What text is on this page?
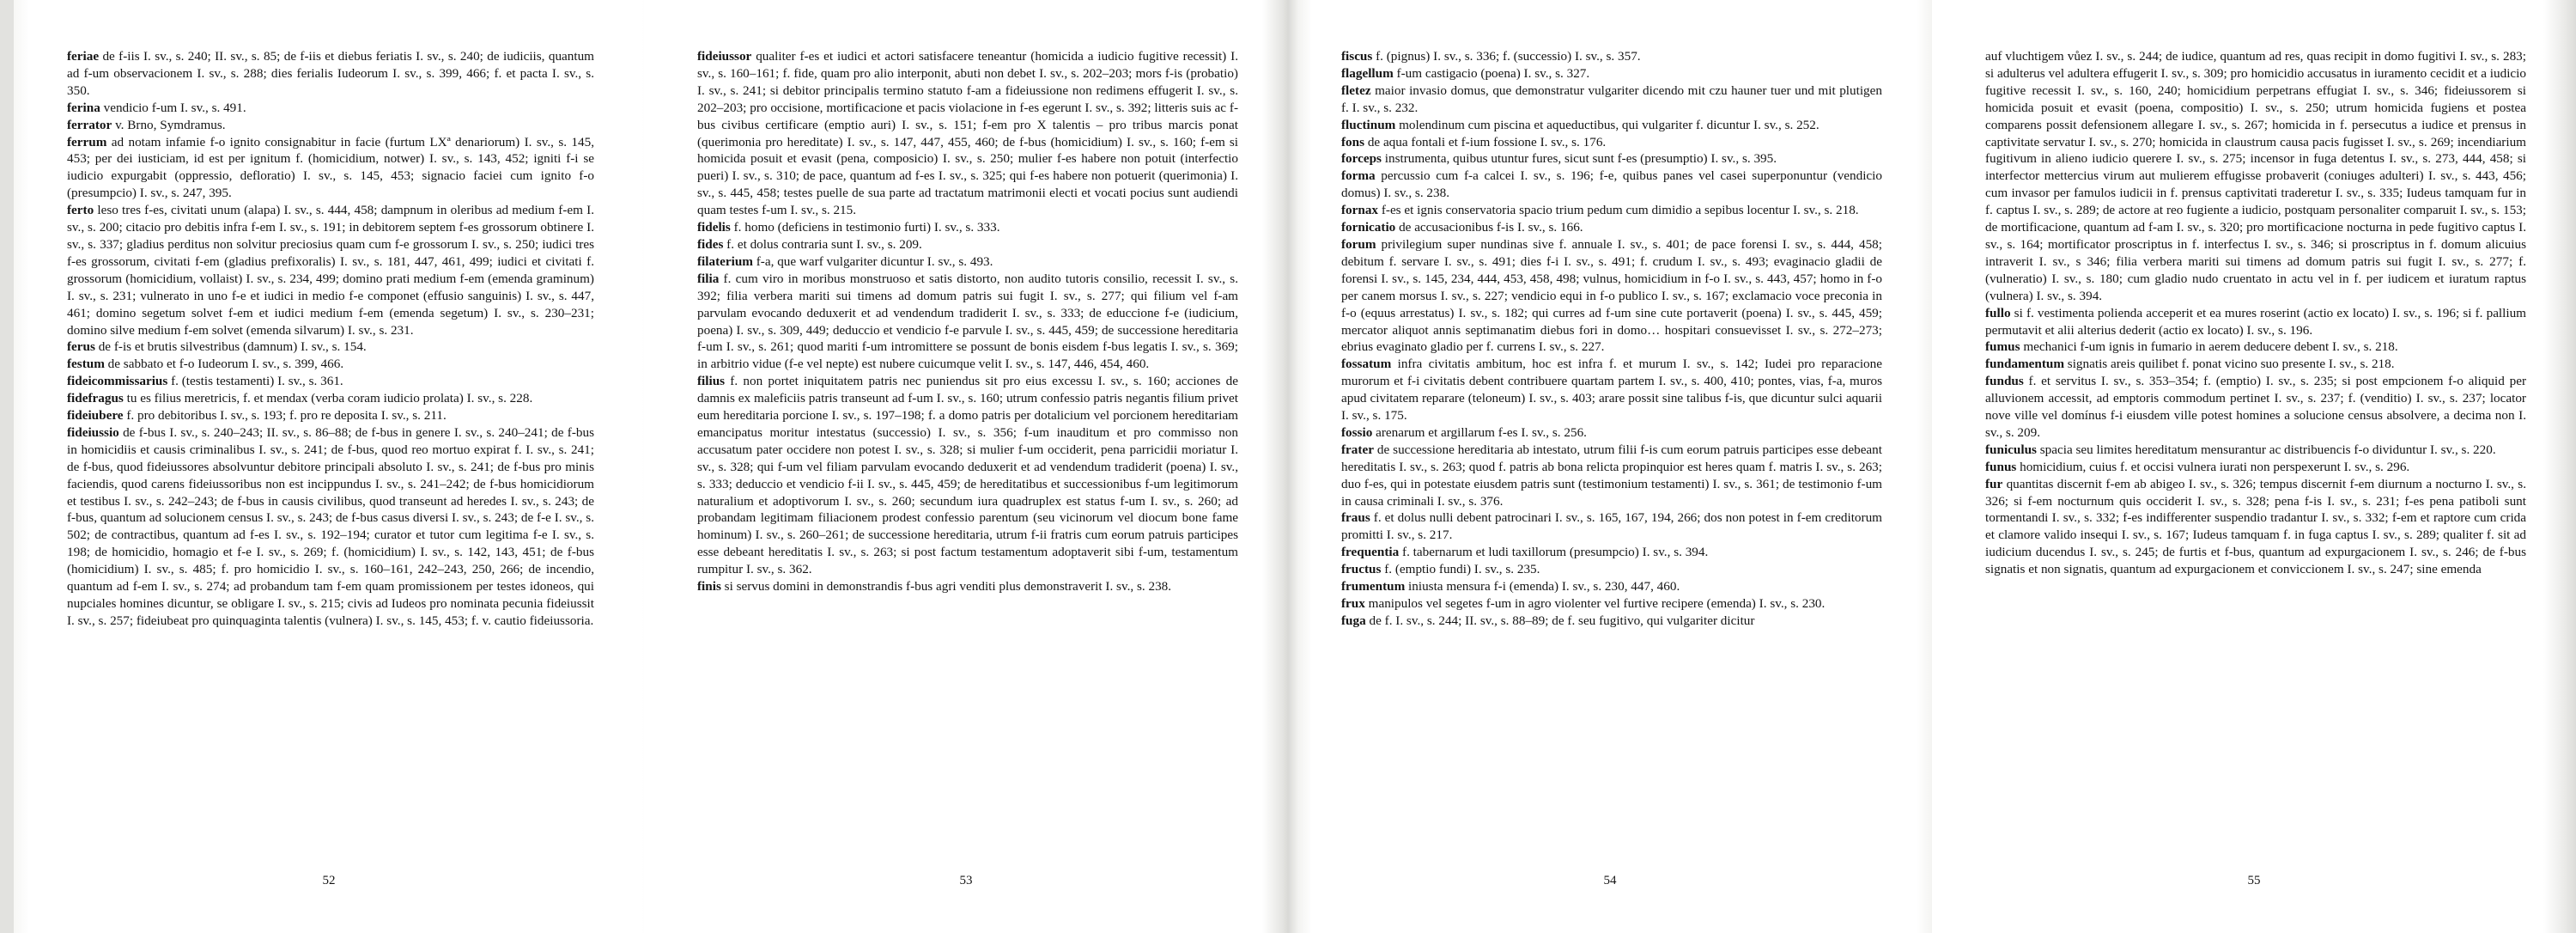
feriae de f-iis I. sv., s. 240; II. sv., s. 85; de f-iis et diebus feriatis I. sv., s. 240; de iudiciis, quantum ad f-um observacionem I. sv., s. 288; dies ferialis Iudeorum I. sv., s. 399, 466; f. et pacta I. sv., s. 350.

ferina vendicio f-um I. sv., s. 491.

ferrator v. Brno, Symdramus.

ferrum ad notam infamie f-o ignito consignabitur in facie (furtum LXª denariorum) I. sv., s. 145, 453; per dei iusticiam, id est per ignitum f. (homicidium, notwer) I. sv., s. 143, 452; igniti f-i se iudicio expurgabit (oppressio, defloratio) I. sv., s. 145, 453; signacio faciei cum ignito f-o (presumpcio) I. sv., s. 247, 395.

ferto leso tres f-es, civitati unum (alapa) I. sv., s. 444, 458; dampnum in oleribus ad medium f-em I. sv., s. 200; citacio pro debitis infra f-em I. sv., s. 191; in debitorem septem f-es grossorum obtinere I. sv., s. 337; gladius perditus non solvitur preciosius quam cum f-e grossorum I. sv., s. 250; iudici tres f-es grossorum, civitati f-em (gladius prefixoralis) I. sv., s. 181, 447, 461, 499; iudici et civitati f. grossorum (homicidium, vollaist) I. sv., s. 234, 499; domino prati medium f-em (emenda graminum) I. sv., s. 231; vulnerato in uno f-e et iudici in medio f-e componet (effusio sanguinis) I. sv., s. 447, 461; domino segetum solvet f-em et iudici medium f-em (emenda segetum) I. sv., s. 230–231; domino silve medium f-em solvet (emenda silvarum) I. sv., s. 231.

ferus de f-is et brutis silvestribus (damnum) I. sv., s. 154.

festum de sabbato et f-o Iudeorum I. sv., s. 399, 466.

fideicommissarius f. (testis testamenti) I. sv., s. 361.

fidefragus tu es filius meretricis, f. et mendax (verba coram iudicio prolata) I. sv., s. 228.

fideiubere f. pro debitoribus I. sv., s. 193; f. pro re deposita I. sv., s. 211.

fideiussio de f-bus I. sv., s. 240–243; II. sv., s. 86–88; de f-bus in genere I. sv., s. 240–241; de f-bus in homicidiis et causis criminalibus I. sv., s. 241; de f-bus, quod reo mortuo expirat f. I. sv., s. 241; de f-bus, quod fideiussores absolvuntur debitore principali absoluto I. sv., s. 241; de f-bus pro minis faciendis, quod carens fideiussoribus non est incippundus I. sv., s. 241–242; de f-bus homicidiorum et testibus I. sv., s. 242–243; de f-bus in causis civilibus, quod transeunt ad heredes I. sv., s. 243; de f-bus, quantum ad solucionem census I. sv., s. 243; de f-bus casus diversi I. sv., s. 243; de f-e I. sv., s. 502; de contractibus, quantum ad f-es I. sv., s. 192–194; curator et tutor cum legitima f-e I. sv., s. 198; de homicidio, homagio et f-e I. sv., s. 269; f. (homicidium) I. sv., s. 142, 143, 451; de f-bus (homicidium) I. sv., s. 485; f. pro homicidio I. sv., s. 160–161, 242–243, 250, 266; de incendio, quantum ad f-em I. sv., s. 274; ad probandum tam f-em quam promissionem per testes idoneos, qui nupciales homines dicuntur, se obligare I. sv., s. 215; civis ad Iudeos pro nominata pecunia fideiussit I. sv., s. 257; fideiubeat pro quinquaginta talentis (vulnera) I. sv., s. 145, 453; f. v. cautio fideiussoria.

52

fideiussor qualiter f-es et iudici et actori satisfacere teneantur (homicida a iudicio fugitive recessit) I. sv., s. 160–161; f. fide, quam pro alio interponit, abuti non debet I. sv., s. 202–203; mors f-is (probatio) I. sv., s. 241; si debitor principalis termino statuto f-am a fideiussione non redimens effugerit I. sv., s. 202–203; pro occisione, mortificacione et pacis violacione in f-es egerunt I. sv., s. 392; litteris suis ac f-bus civibus certificare (emptio auri) I. sv., s. 151; f-em pro X talentis – pro tribus marcis ponat (querimonia pro hereditate) I. sv., s. 147, 447, 455, 460; de f-bus (homicidium) I. sv., s. 160; f-em si homicida posuit et evasit (pena, composicio) I. sv., s. 250; mulier f-es habere non potuit (interfectio pueri) I. sv., s. 310; de pace, quantum ad f-es I. sv., s. 325; qui f-es habere non potuerit (querimonia) I. sv., s. 445, 458; testes puelle de sua parte ad tractatum matrimonii electi et vocati pocius sunt audiendi quam testes f-um I. sv., s. 215.

fidelis f. homo (deficiens in testimonio furti) I. sv., s. 333.

fides f. et dolus contraria sunt I. sv., s. 209.

filaterium f-a, que warf vulgariter dicuntur I. sv., s. 493.

filia f. cum viro in moribus monstruoso et satis distorto, non audito tutoris consilio, recessit I. sv., s. 392; filia verbera mariti sui timens ad domum patris sui fugit I. sv., s. 277; qui filium vel f-am parvulam evocando deduxerit et ad vendendum tradiderit I. sv., s. 333; de educcione f-e (iudicium, poena) I. sv., s. 309, 449; deduccio et vendicio f-e parvule I. sv., s. 445, 459; de successione hereditaria f-um I. sv., s. 261; quod mariti f-um intromittere se possunt de bonis eisdem f-bus legatis I. sv., s. 369; in arbitrio vidue (f-e vel nepte) est nubere cuicumque velit I. sv., s. 147, 446, 454, 460.

filius f. non portet iniquitatem patris nec puniendus sit pro eius excessu I. sv., s. 160; acciones de damnis ex maleficiis patris transeunt ad f-um I. sv., s. 160; utrum confessio patris negantis filium privet eum hereditaria porcione I. sv., s. 197–198; f. a domo patris per dotalicium vel porcionem hereditariam emancipatus moritur intestatus (successio) I. sv., s. 356; f-um inauditum et pro commisso non accusatum pater occidere non potest I. sv., s. 328; si mulier f-um occiderit, pena parricidii moriatur I. sv., s. 328; qui f-um vel filiam parvulam evocando deduxerit et ad vendendum tradiderit (poena) I. sv., s. 333; deduccio et vendicio f-ii I. sv., s. 445, 459; de hereditatibus et successionibus f-um legitimorum naturalium et adoptivorum I. sv., s. 260; secundum iura quadruplex est status f-um I. sv., s. 260; ad probandam legitimam filiacionem prodest confessio parentum (seu vicinorum vel diocum bone fame hominum) I. sv., s. 260–261; de successione hereditaria, utrum f-ii fratris cum eorum patruis participes esse debeant hereditatis I. sv., s. 263; si post factum testamentum adoptaverit sibi f-um, testamentum rumpitur I. sv., s. 362.

finis si servus domini in demonstrandis f-bus agri venditi plus demonstraverit I. sv., s. 238.

53

fiscus f. (pignus) I. sv., s. 336; f. (successio) I. sv., s. 357.

flagellum f-um castigacio (poena) I. sv., s. 327.

fletez maior invasio domus, que demonstratur vulgariter dicendo mit czu hauner tuer und mit plutigen f. I. sv., s. 232.

fluctinum molendinum cum piscina et aqueductibus, qui vulgariter f. dicuntur I. sv., s. 252.

fons de aqua fontali et f-ium fossione I. sv., s. 176.

forceps instrumenta, quibus utuntur fures, sicut sunt f-es (presumptio) I. sv., s. 395.

forma percussio cum f-a calcei I. sv., s. 196; f-e, quibus panes vel casei superponuntur (vendicio domus) I. sv., s. 238.

fornax f-es et ignis conservatoria spacio trium pedum cum dimidio a sepibus locentur I. sv., s. 218.

fornicatio de accusacionibus f-is I. sv., s. 166.

forum privilegium super nundinas sive f. annuale I. sv., s. 401; de pace forensi I. sv., s. 444, 458; debitum f. servare I. sv., s. 491; dies f-i I. sv., s. 491; f. crudum I. sv., s. 493; evaginacio gladii de forensi I. sv., s. 145, 234, 444, 453, 458, 498; vulnus, homicidium in f-o I. sv., s. 443, 457; homo in f-o per canem morsus I. sv., s. 227; vendicio equi in f-o publico I. sv., s. 167; exclamacio voce preconia in f-o (equus arrestatus) I. sv., s. 182; qui curres ad f-um sine cute portaverit (poena) I. sv., s. 445, 459; mercator aliquot annis septimanatim diebus fori in domo… hospitari consuevisset I. sv., s. 272–273; ebrius evaginato gladio per f. currens I. sv., s. 227.

fossatum infra civitatis ambitum, hoc est infra f. et murum I. sv., s. 142; Iudei pro reparacione murorum et f-i civitatis debent contribuere quartam partem I. sv., s. 400, 410; pontes, vias, f-a, muros apud civitatem reparare (teloneum) I. sv., s. 403; arare possit sine talibus f-is, que dicuntur sulci aquarii I. sv., s. 175.

fossio arenarum et argillarum f-es I. sv., s. 256.

frater de successione hereditaria ab intestato, utrum filii f-is cum eorum patruis participes esse debeant hereditatis I. sv., s. 263; quod f. patris ab bona relicta propinquior est heres quam f. matris I. sv., s. 263; duo f-es, qui in potestate eiusdem patris sunt (testimonium testamenti) I. sv., s. 361; de testimonio f-um in causa criminali I. sv., s. 376.

fraus f. et dolus nulli debent patrocinari I. sv., s. 165, 167, 194, 266; dos non potest in f-em creditorum promitti I. sv., s. 217.

frequentia f. tabernarum et ludi taxillorum (presumpcio) I. sv., s. 394.

fructus f. (emptio fundi) I. sv., s. 235.

frumentum iniusta mensura f-i (emenda) I. sv., s. 230, 447, 460.

frux manipulos vel segetes f-um in agro violenter vel furtive recipere (emenda) I. sv., s. 230.

fuga de f. I. sv., s. 244; II. sv., s. 88–89; de f. seu fugitivo, qui vulgariter dicitur

54

auf vluchtigem vůez I. sv., s. 244; de iudice, quantum ad res, quas recipit in domo fugitivi I. sv., s. 283; si adulterus vel adultera effugerit I. sv., s. 309; pro homicidio accusatus in iuramento cecidit et a iudicio fugitive recessit I. sv., s. 160, 240; homicidium perpetrans effugiat I. sv., s. 346; fideiussorem si homicida posuit et evasit (poena, compositio) I. sv., s. 250; utrum homicida fugiens et postea comparens possit defensionem allegare I. sv., s. 267; homicida in f. persecutus a iudice et prensus in captivitate servatur I. sv., s. 270; homicida in claustrum causa pacis fugisset I. sv., s. 269; incendiarium fugitivum in alieno iudicio querere I. sv., s. 275; incensor in fuga detentus I. sv., s. 273, 444, 458; si interfector mettercius virum aut mulierem effugisse probaverit (coniuges adulteri) I. sv., s. 443, 456; cum invasor per famulos iudicii in f. prensus captivitati traderetur I. sv., s. 335; Iudeus tamquam fur in f. captus I. sv., s. 289; de actore at reo fugiente a iudicio, postquam personaliter comparuit I. sv., s. 153; de mortificacione, quantum ad f-am I. sv., s. 320; pro mortificacione nocturna in pede fugitivo captus I. sv., s. 164; mortificator proscriptus in f. interfectus I. sv., s. 346; si proscriptus in f. domum alicuius intraverit I. sv., s 346; filia verbera mariti sui timens ad domum patris sui fugit I. sv., s. 277; f. (vulneratio) I. sv., s. 180; cum gladio nudo cruentato in actu vel in f. per iudicem et iuratum raptus (vulnera) I. sv., s. 394.

fullo si f. vestimenta polienda acceperit et ea mures roserint (actio ex locato) I. sv., s. 196; si f. pallium permutavit et alii alterius dederit (actio ex locato) I. sv., s. 196.

fumus mechanici f-um ignis in fumario in aerem deducere debent I. sv., s. 218.

fundamentum signatis areis quilibet f. ponat vicino suo presente I. sv., s. 218.

fundus f. et servitus I. sv., s. 353–354; f. (emptio) I. sv., s. 235; si post empcionem f-o aliquid per alluvionem accessit, ad emptoris commodum pertinet I. sv., s. 237; f. (venditio) I. sv., s. 237; locator nove ville vel domínus f-i eiusdem ville potest homines a solucione census absolvere, a decima non I. sv., s. 209.

funiculus spacia seu limites hereditatum mensurantur ac distribuencis f-o dividuntur I. sv., s. 220.

funus homicidium, cuius f. et occisi vulnera iurati non perspexerunt I. sv., s. 296.

fur quantitas discernit f-em ab abigeo I. sv., s. 326; tempus discernit f-em diurnum a nocturno I. sv., s. 326; si f-em nocturnum quis occiderit I. sv., s. 328; pena f-is I. sv., s. 231; f-es pena patiboli sunt tormentandi I. sv., s. 332; f-es indifferenter suspendio tradantur I. sv., s. 332; f-em et raptore cum crida et clamore valido insequi I. sv., s. 167; Iudeus tamquam f. in fuga captus I. sv., s. 289; qualiter f. sit ad iudicium ducendus I. sv., s. 245; de furtis et f-bus, quantum ad expurgacionem I. sv., s. 246; de f-bus signatis et non signatis, quantum ad expurgacionem et conviccionem I. sv., s. 247; sine emenda

55
